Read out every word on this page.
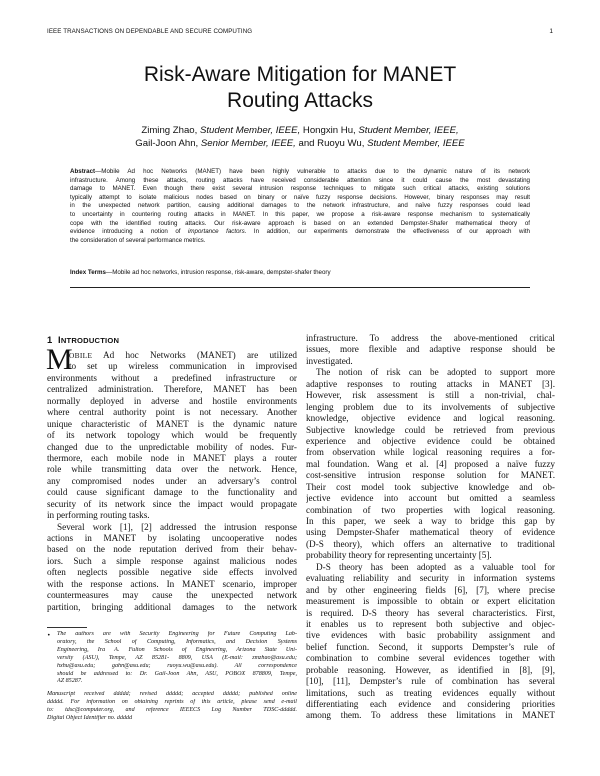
IEEE TRANSACTIONS ON DEPENDABLE AND SECURE COMPUTING	1
Risk-Aware Mitigation for MANET
Routing Attacks
Ziming Zhao, Student Member, IEEE, Hongxin Hu, Student Member, IEEE,
Gail-Joon Ahn, Senior Member, IEEE, and Ruoyu Wu, Student Member, IEEE
Abstract—Mobile Ad hoc Networks (MANET) have been highly vulnerable to attacks due to the dynamic nature of its network
infrastructure. Among these attacks, routing attacks have received considerable attention since it could cause the most devastating
damage to MANET. Even though there exist several intrusion response techniques to mitigate such critical attacks, existing solutions
typically attempt to isolate malicious nodes based on binary or naïve fuzzy response decisions. However, binary responses may result
in the unexpected network partition, causing additional damages to the network infrastructure, and naïve fuzzy responses could lead
to uncertainty in countering routing attacks in MANET. In this paper, we propose a risk-aware response mechanism to systematically
cope with the identified routing attacks. Our risk-aware approach is based on an extended Dempster-Shafer mathematical theory of
evidence introducing a notion of importance factors. In addition, our experiments demonstrate the effectiveness of our approach with
the consideration of several performance metrics.
Index Terms—Mobile ad hoc networks, intrusion response, risk-aware, dempster-shafer theory
1 INTRODUCTION
M
OBILE Ad hoc Networks (MANET) are utilized
to set up wireless communication in improvised
environments without a predefined infrastructure or
centralized administration. Therefore, MANET has been
normally deployed in adverse and hostile environments
where central authority point is not necessary. Another
unique characteristic of MANET is the dynamic nature
of its network topology which would be frequently
changed due to the unpredictable mobility of nodes. Fur-
thermore, each mobile node in MANET plays a router
role while transmitting data over the network. Hence,
any compromised nodes under an adversary’s control
could cause significant damage to the functionality and
security of its network since the impact would propagate
in performing routing tasks.
Several work [1], [2] addressed the intrusion response
actions in MANET by isolating uncooperative nodes
based on the node reputation derived from their behav-
iors. Such a simple response against malicious nodes
often neglects possible negative side effects involved
with the response actions. In MANET scenario, improper
countermeasures may cause the unexpected network
partition, bringing additional damages to the network
• The authors are with Security Engineering for Future Computing Lab-
oratory, the School of Computing, Informatics, and Decision Systems
Engineering, Ira A. Fulton Schools of Engineering, Arizona State Uni-
versity (ASU), Tempe, AZ 85281- 8809, USA (E-mail: zmzhao@asu.edu;
hxhu@asu.edu; gahn@asu.edu; ruoyu.wu@asu.edu). All correspondence
should be addressed to: Dr. Gail-Joon Ahn, ASU, POBOX 878809, Tempe,
AZ 85287.
Manuscript received ddddd; revised ddddd; accepted ddddd; published online
ddddd. For information on obtaining reprints of this article, please send e-mail
to: tdsc@computer.org, and reference IEEECS Log Number TDSC-ddddd.
Digital Object Identifier no. ddddd
infrastructure. To address the above-mentioned critical
issues, more flexible and adaptive response should be
investigated.
The notion of risk can be adopted to support more
adaptive responses to routing attacks in MANET [3].
However, risk assessment is still a non-trivial, chal-
lenging problem due to its involvements of subjective
knowledge, objective evidence and logical reasoning.
Subjective knowledge could be retrieved from previous
experience and objective evidence could be obtained
from observation while logical reasoning requires a for-
mal foundation. Wang et al. [4] proposed a naïve fuzzy
cost-sensitive intrusion response solution for MANET.
Their cost model took subjective knowledge and ob-
jective evidence into account but omitted a seamless
combination of two properties with logical reasoning.
In this paper, we seek a way to bridge this gap by
using Dempster-Shafer mathematical theory of evidence
(D-S theory), which offers an alternative to traditional
probability theory for representing uncertainty [5].
D-S theory has been adopted as a valuable tool for
evaluating reliability and security in information systems
and by other engineering fields [6], [7], where precise
measurement is impossible to obtain or expert elicitation
is required. D-S theory has several characteristics. First,
it enables us to represent both subjective and objec-
tive evidences with basic probability assignment and
belief function. Second, it supports Dempster’s rule of
combination to combine several evidences together with
probable reasoning. However, as identified in [8], [9],
[10], [11], Dempster’s rule of combination has several
limitations, such as treating evidences equally without
differentiating each evidence and considering priorities
among them. To address these limitations in MANET
